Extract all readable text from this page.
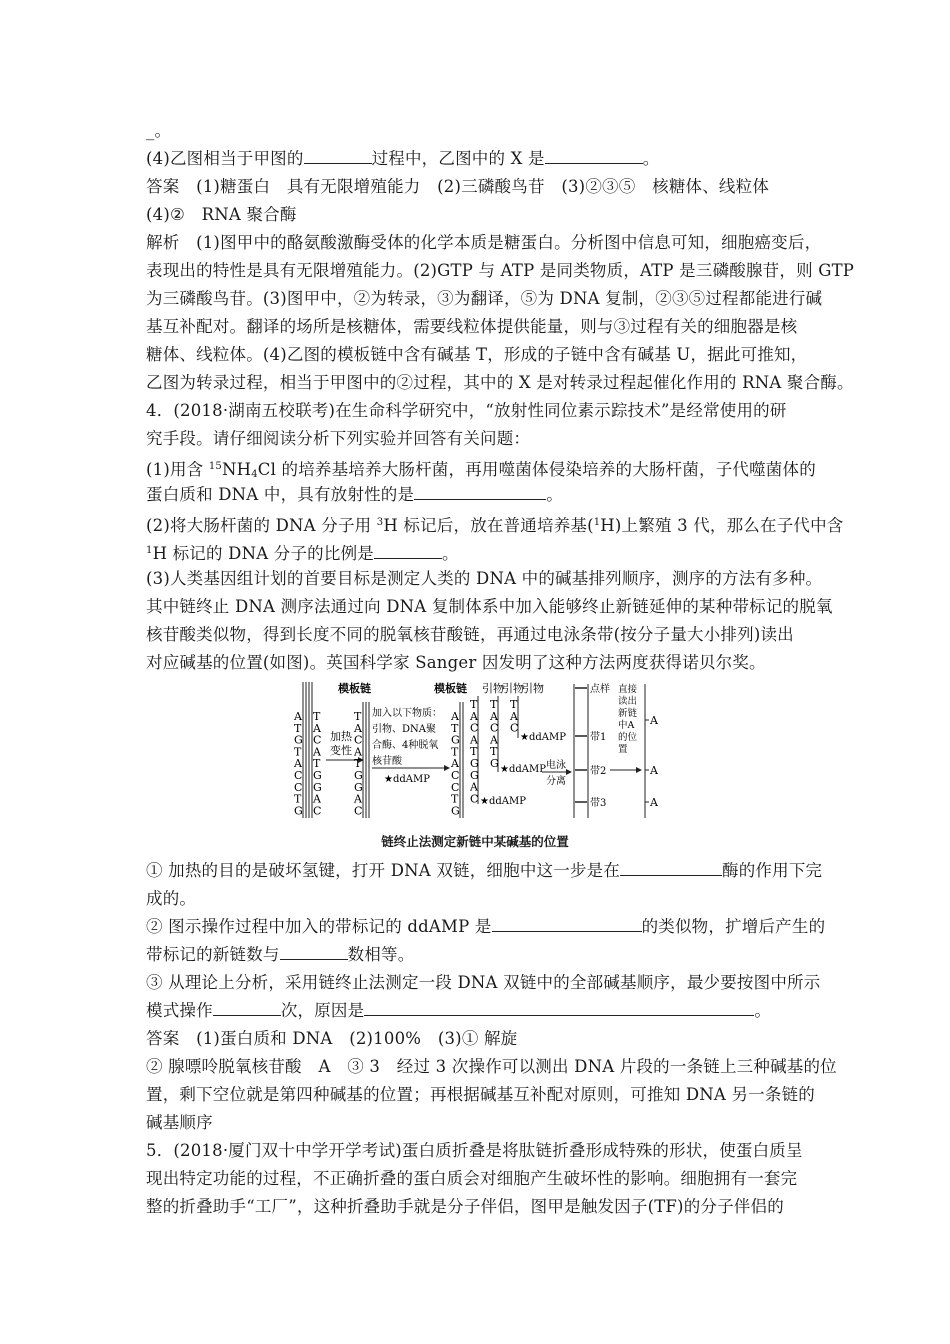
_。
(4)乙图相当于甲图的	过程中，乙图中的 X 是	。
答案　(1)糖蛋白　具有无限增殖能力　(2)三磷酸鸟苷　(3)②③⑤　核糖体、线粒体
(4)②　RNA 聚合酶
解析　(1)图甲中的酪氨酸激酶受体的化学本质是糖蛋白。分析图中信息可知，细胞癌变后，
表现出的特性是具有无限增殖能力。(2)GTP 与 ATP 是同类物质，ATP 是三磷酸腺苷，则 GTP
为三磷酸鸟苷。(3)图甲中，②为转录，③为翻译，⑤为 DNA 复制，②③⑤过程都能进行碱
基互补配对。翻译的场所是核糖体，需要线粒体提供能量，则与③过程有关的细胞器是核
糖体、线粒体。(4)乙图的模板链中含有碱基 T，形成的子链中含有碱基 U，据此可推知，
乙图为转录过程，相当于甲图中的②过程，其中的 X 是对转录过程起催化作用的 RNA 聚合酶。
4．(2018·湖南五校联考)在生命科学研究中，“放射性同位素示踪技术”是经常使用的研
究手段。请仔细阅读分析下列实验并回答有关问题：
(1)用含 $^{15}NH_4Cl$ 的培养基培养大肠杆菌，再用噬菌体侵染培养的大肠杆菌，子代噬菌体的
蛋白质和 DNA 中，具有放射性的是	。
(2)将大肠杆菌的 DNA 分子用 $^3$H 标记后，放在普通培养基($^1$H)上繁殖 3 代，那么在子代中含
$^1$H 标记的 DNA 分子的比例是	。
(3)人类基因组计划的首要目标是测定人类的 DNA 中的碱基排列顺序，测序的方法有多种。
其中链终止 DNA 测序法通过向 DNA 复制体系中加入能够终止新链延伸的某种带标记的脱氧
核苷酸类似物，得到长度不同的脱氧核苷酸链，再通过电泳条带(按分子量大小排列)读出
对应碱基的位置(如图)。英国科学家 Sanger 因发明了这种方法两度获得诺贝尔奖。
A
T
G
T
A
C
C
T
G
T
A
C
A
T
G
G
A
C
加热
变性
模板链
T
A
C
A
T
G
G
A
C
加入以下物质：
引物、DNA聚
合酶、4种脱氧
核苷酸
★ddAMP
模板链
A
T
G
T
A
C
C
T
G
引物
引物
引物
T
A
C
A
T
G
G
A
C
T
A
C
A
T
G
T
A
C
★ddAMP
★ddAMP
★ddAMP
电泳
分离
点样
带1
带2
带3
直接
读出
新链
中A
的位
置
A
A
A
链终止法测定新链中某碱基的位置
① 加热的目的是破坏氢键，打开 DNA 双链，细胞中这一步是在	酶的作用下完
成的。
② 图示操作过程中加入的带标记的 ddAMP 是	的类似物，扩增后产生的
带标记的新链数与	数相等。
③ 从理论上分析，采用链终止法测定一段 DNA 双链中的全部碱基顺序，最少要按图中所示
模式操作	次，原因是	。
答案　(1)蛋白质和 DNA　(2)100%　(3)① 解旋
② 腺嘌呤脱氧核苷酸　A　③ 3　经过 3 次操作可以测出 DNA 片段的一条链上三种碱基的位
置，剩下空位就是第四种碱基的位置；再根据碱基互补配对原则，可推知 DNA 另一条链的
碱基顺序
5．(2018·厦门双十中学开学考试)蛋白质折叠是将肽链折叠形成特殊的形状，使蛋白质呈
现出特定功能的过程，不正确折叠的蛋白质会对细胞产生破坏性的影响。细胞拥有一套完
整的折叠助手“工厂”，这种折叠助手就是分子伴侣，图甲是触发因子(TF)的分子伴侣的
